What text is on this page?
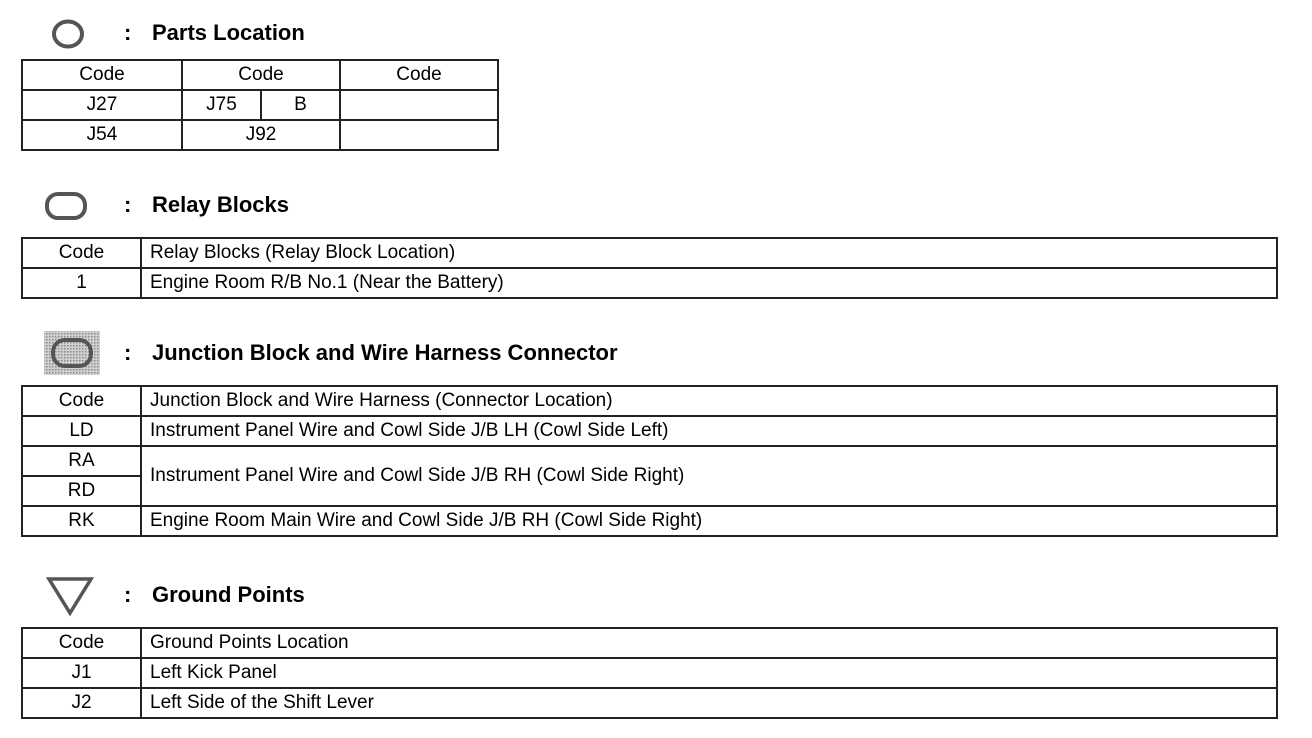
: Parts Location
Code	Code		Code
J27	J75	B	
J54	J92		
: Relay Blocks
Code	Relay Blocks (Relay Block Location)
1	Engine Room R/B No.1 (Near the Battery)
: Junction Block and Wire Harness Connector
Code	Junction Block and Wire Harness (Connector Location)
LD	Instrument Panel Wire and Cowl Side J/B LH (Cowl Side Left)
RA	Instrument Panel Wire and Cowl Side J/B RH (Cowl Side Right)
RD	
RK	Engine Room Main Wire and Cowl Side J/B RH (Cowl Side Right)
: Ground Points
Code	Ground Points Location
J1	Left Kick Panel
J2	Left Side of the Shift Lever
